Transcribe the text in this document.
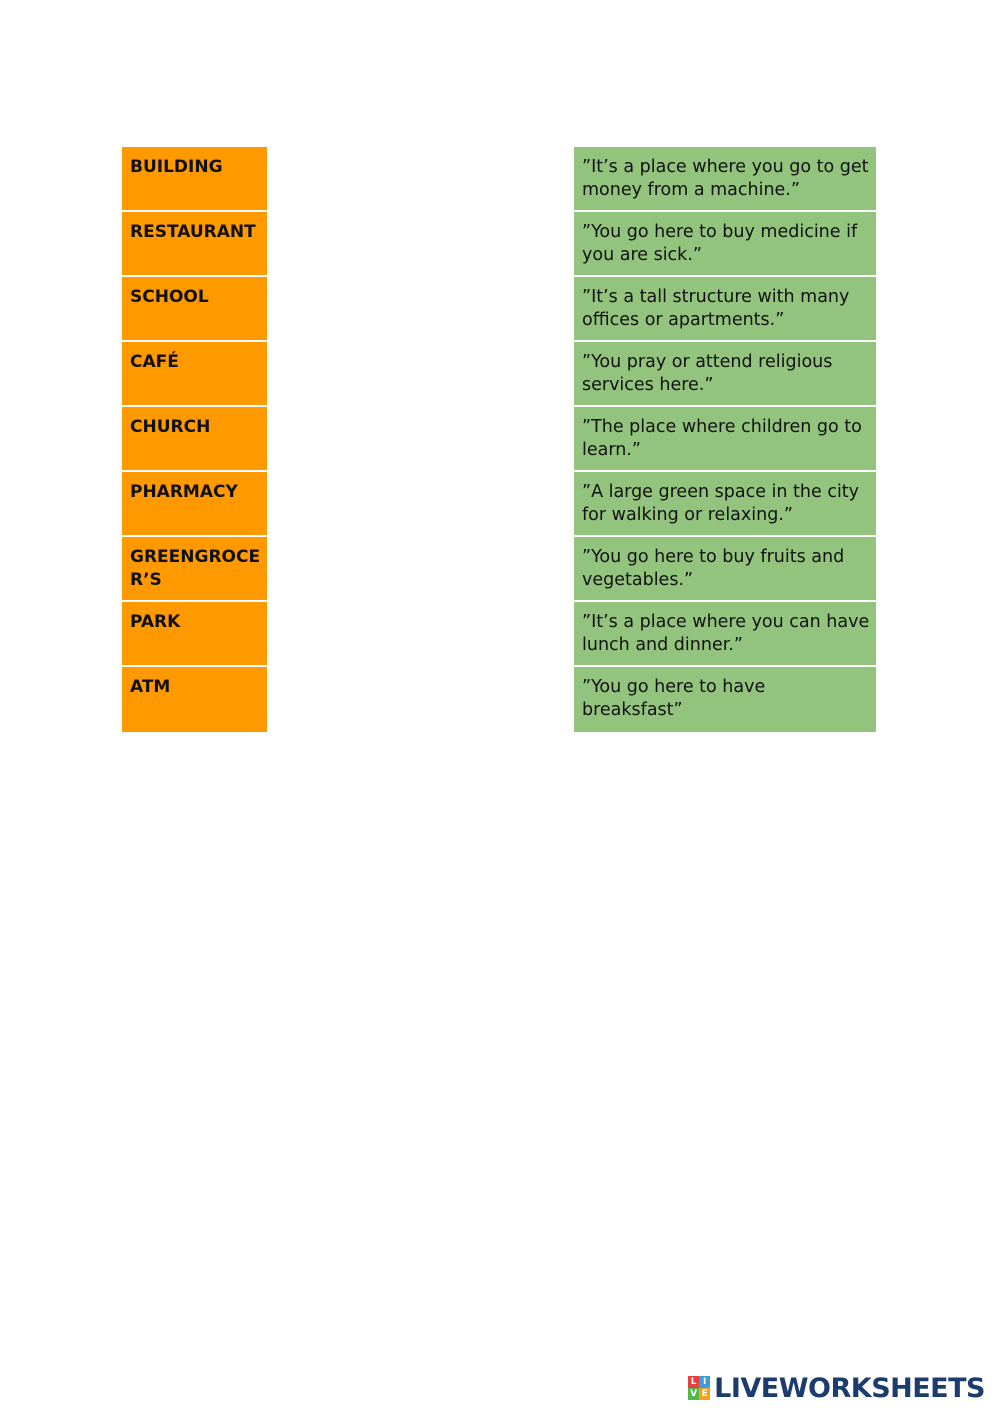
BUILDING
RESTAURANT
SCHOOL
CAFÉ
CHURCH
PHARMACY
GREENGROCER’S
PARK
ATM
”It’s a place where you go to get money from a machine.”
”You go here to buy medicine if you are sick.”
”It’s a tall structure with many offices or apartments.”
”You pray or attend religious services here.”
”The place where children go to learn.”
”A large green space in the city for walking or relaxing.”
”You go here to buy fruits and vegetables.”
”It’s a place where you can have lunch and dinner.”
”You go here to have breaksfast”
L I
V E LIVEWORKSHEETS
